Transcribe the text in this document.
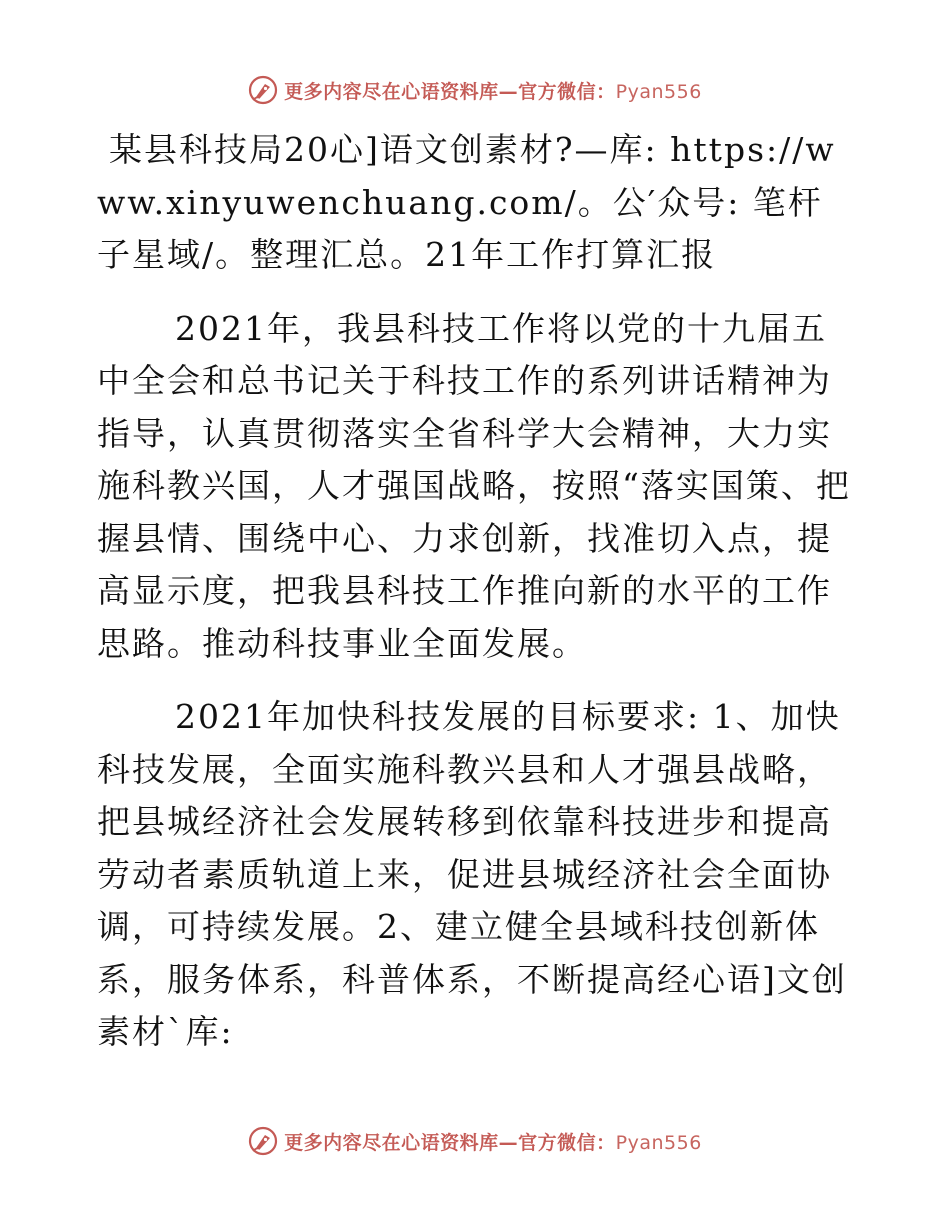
更多内容尽在心语资料库—官方微信：Pyan556

某县科技局20心]语文创素材?—库: https://www.xinyuwenchuang.com/。公′众号: 笔杆子星域/。整理汇总。21年工作打算汇报

2021年，我县科技工作将以党的十九届五中全会和总书记关于科技工作的系列讲话精神为指导，认真贯彻落实全省科学大会精神，大力实施科教兴国，人才强国战略，按照“落实国策、把握县情、围绕中心、力求创新，找准切入点，提高显示度，把我县科技工作推向新的水平的工作思路。推动科技事业全面发展。

2021年加快科技发展的目标要求: 1、加快科技发展，全面实施科教兴县和人才强县战略，把县城经济社会发展转移到依靠科技进步和提高劳动者素质轨道上来，促进县城经济社会全面协调，可持续发展。2、建立健全县域科技创新体系，服务体系，科普体系，不断提高经心语]文创素材`库:

更多内容尽在心语资料库—官方微信：Pyan556
